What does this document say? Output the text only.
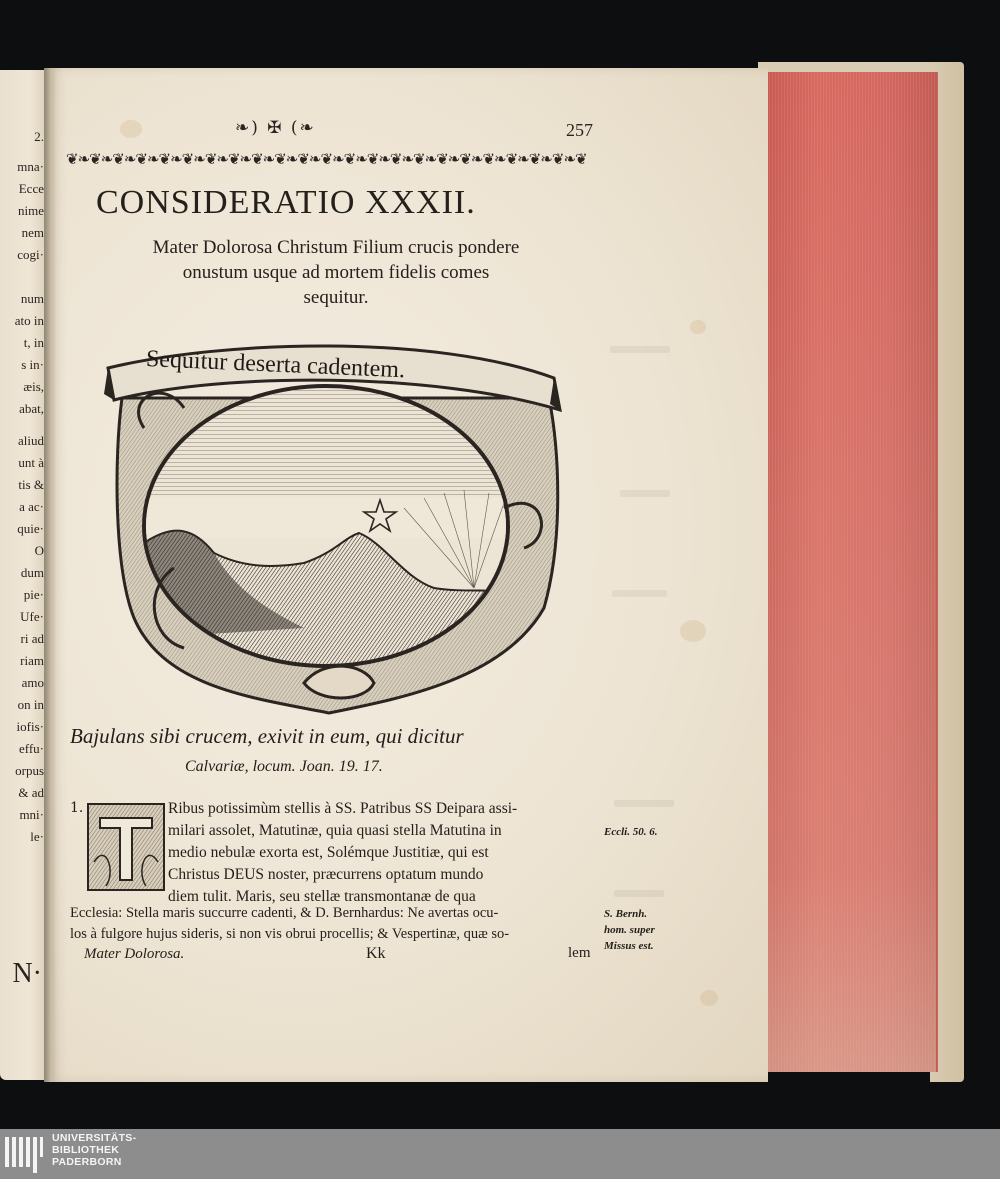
2.
mna·
Ecce
nime
nem
cogi·
num
ato in
t, in
s in·
æis,
abat,
aliud
unt à
tis &
a ac·
quie·
O
dum
pie·
Ufe·
ri ad
riam
amo
on in
iofis·
effu·
orpus
& ad
mni·
le·
N·
❧) ✠ (❧	257
❦❧❦❧❦❧❦❧❦❧❦❧❦❧❦❧❦❧❦❧❦❧❦❧❦❧❦❧❦❧❦❧❦❧❦❧❦❧❦❧❦❧❦❧❦
CONSIDERATIO XXXII.
Mater Dolorosa Christum Filium crucis pondere
onustum usque ad mortem fidelis comes
sequitur.
Sequitur deserta cadentem.
Bajulans sibi crucem, exivit in eum, qui dicitur
Calvariæ, locum. Joan. 19. 17.
1.	Ribus potissimùm stellis à SS. Patribus SS Deipara assi-
milari assolet, Matutinæ, quia quasi stella Matutina in
medio nebulæ exorta est, Solémque Justitiæ, qui est
Christus DEUS noster, præcurrens optatum mundo
diem tulit. Maris, seu stellæ transmontanæ de qua
Ecclesia: Stella maris succurre cadenti, & D. Bernhardus: Ne avertas ocu-
los à fulgore hujus sideris, si non vis obrui procellis; & Vespertinæ, quæ so-
Eccli. 50. 6.
S. Bernh.
hom. super
Missus est.
Mater Dolorosa.	Kk	lem
UNIVERSITÄTS-
BIBLIOTHEK
PADERBORN
